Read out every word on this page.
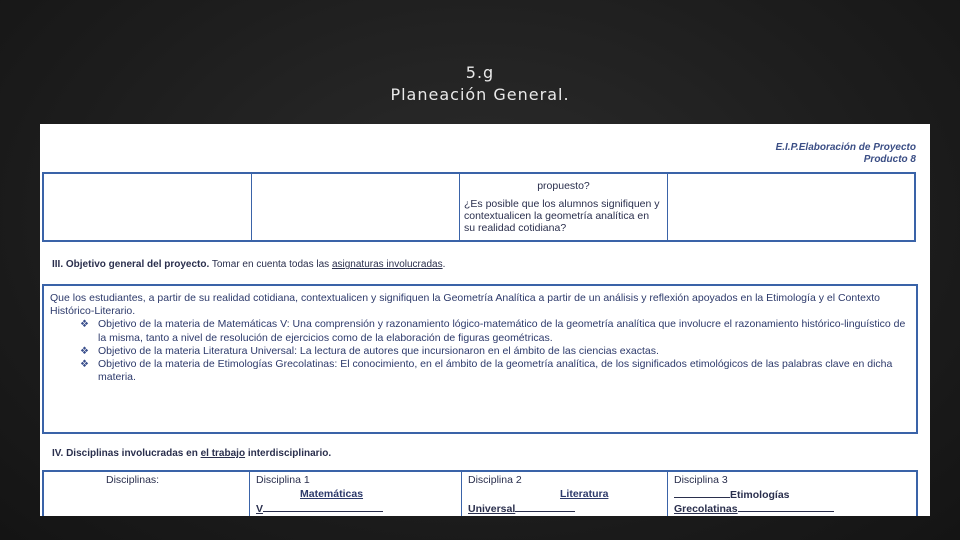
5.g
Planeación General.
E.I.P.Elaboración de Proyecto
Producto 8
propuesto?
¿Es posible que los alumnos signifiquen y contextualicen la geometría analítica en su realidad cotidiana?
III. Objetivo general del proyecto. Tomar en cuenta todas las asignaturas involucradas.
Que los estudiantes, a partir de su realidad cotidiana, contextualicen y signifiquen la Geometría Analítica a partir de un análisis y reflexión apoyados en la Etimología y el Contexto Histórico-Literario.
❖ Objetivo de la materia de Matemáticas V: Una comprensión y razonamiento lógico-matemático de la geometría analítica que involucre el razonamiento histórico-linguístico de la misma, tanto a nivel de resolución de ejercicios como de la elaboración de figuras geométricas.
❖ Objetivo de la materia Literatura Universal: La lectura de autores que incursionaron en el ámbito de las ciencias exactas.
❖ Objetivo de la materia de Etimologías Grecolatinas: El conocimiento, en el ámbito de la geometría analítica, de los significados etimológicos de las palabras clave en dicha materia.
IV. Disciplinas involucradas en el trabajo interdisciplinario.
Disciplinas:	Disciplina 1
Matemáticas
V
Disciplina 2
Literatura
Universal
Disciplina 3
Etimologías
Grecolatinas
